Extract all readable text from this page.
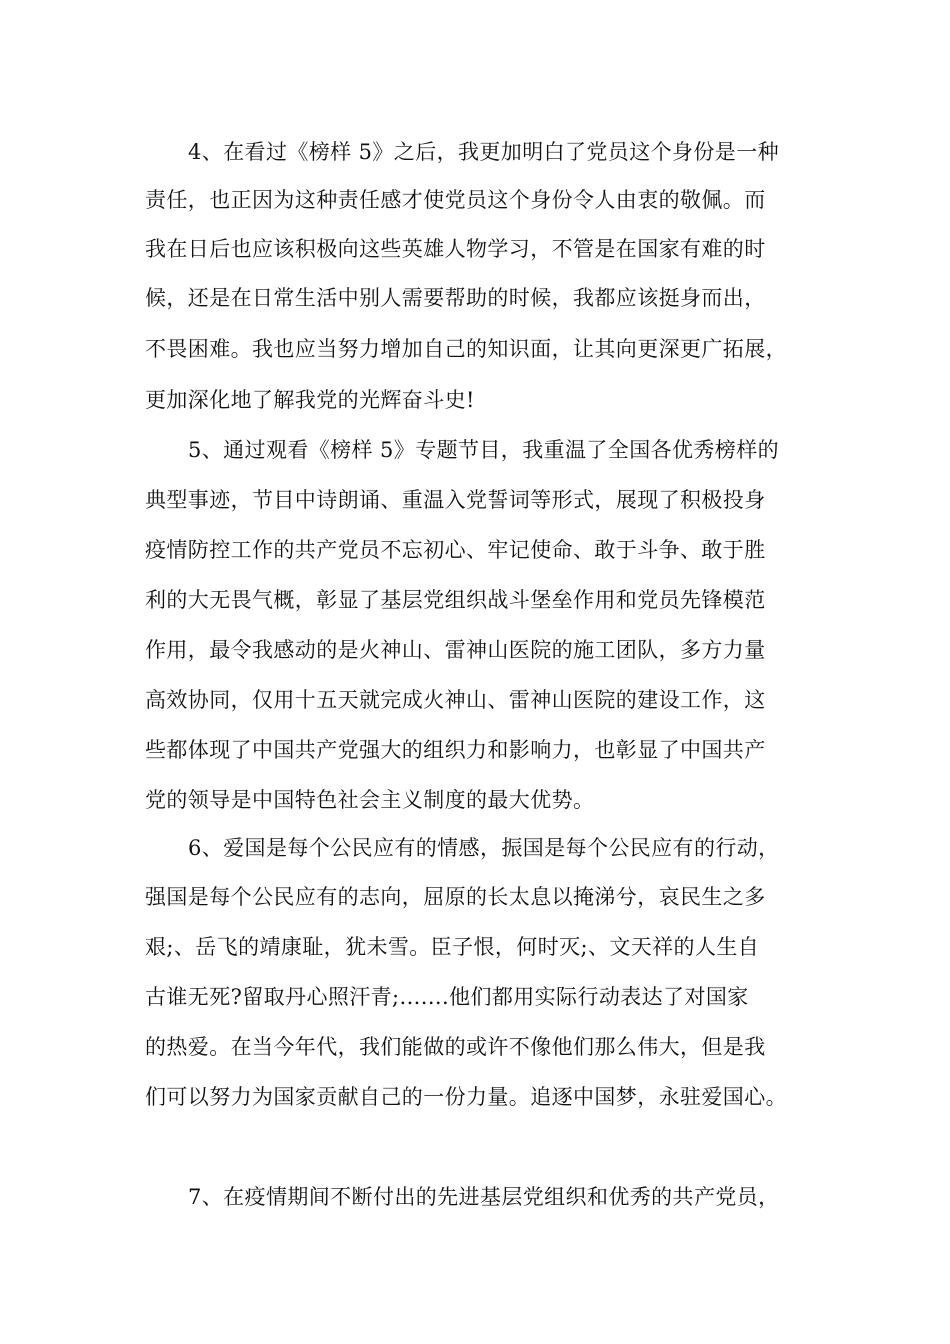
4、在看过《榜样 5》之后，我更加明白了党员这个身份是一种
责任，也正因为这种责任感才使党员这个身份令人由衷的敬佩。而
我在日后也应该积极向这些英雄人物学习，不管是在国家有难的时
候，还是在日常生活中别人需要帮助的时候，我都应该挺身而出，
不畏困难。我也应当努力增加自己的知识面，让其向更深更广拓展，
更加深化地了解我党的光辉奋斗史!
5、通过观看《榜样 5》专题节目，我重温了全国各优秀榜样的
典型事迹，节目中诗朗诵、重温入党誓词等形式，展现了积极投身
疫情防控工作的共产党员不忘初心、牢记使命、敢于斗争、敢于胜
利的大无畏气概，彰显了基层党组织战斗堡垒作用和党员先锋模范
作用，最令我感动的是火神山、雷神山医院的施工团队，多方力量
高效协同，仅用十五天就完成火神山、雷神山医院的建设工作，这
些都体现了中国共产党强大的组织力和影响力，也彰显了中国共产
党的领导是中国特色社会主义制度的最大优势。
6、爱国是每个公民应有的情感，振国是每个公民应有的行动，
强国是每个公民应有的志向，屈原的长太息以掩涕兮，哀民生之多
艰;、岳飞的靖康耻，犹未雪。臣子恨，何时灭;、文天祥的人生自
古谁无死?留取丹心照汗青;.......他们都用实际行动表达了对国家
的热爱。在当今年代，我们能做的或许不像他们那么伟大，但是我
们可以努力为国家贡献自己的一份力量。追逐中国梦，永驻爱国心。
7、在疫情期间不断付出的先进基层党组织和优秀的共产党员，
